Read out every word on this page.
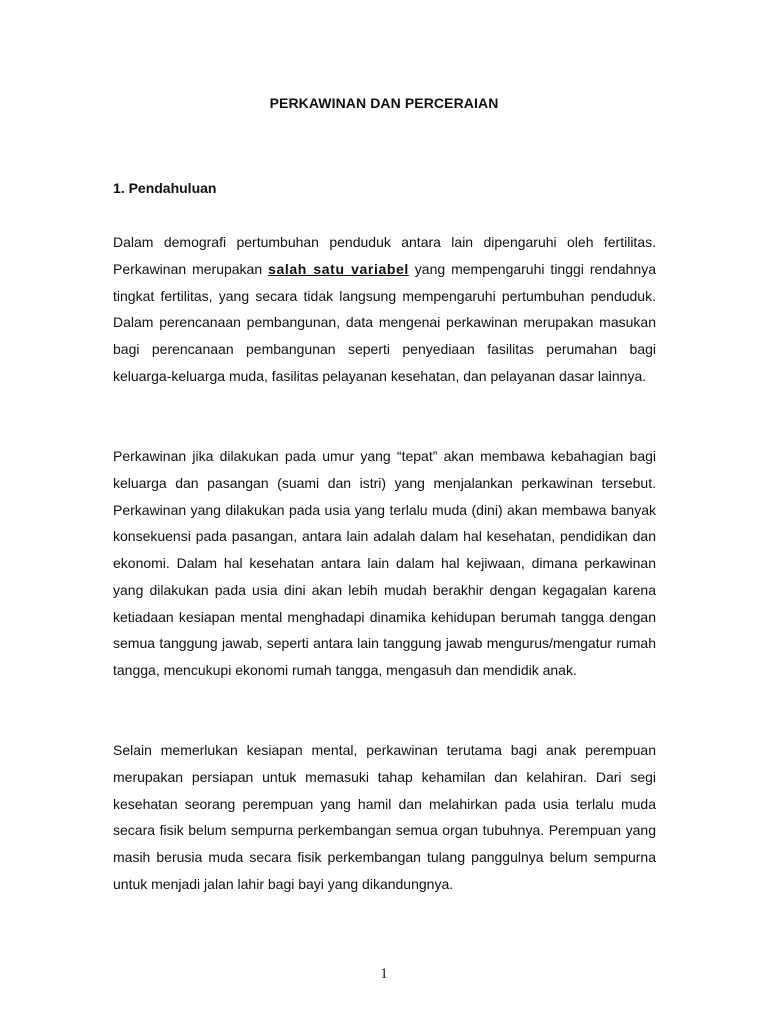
PERKAWINAN DAN PERCERAIAN
1. Pendahuluan

Dalam demografi pertumbuhan penduduk antara lain dipengaruhi oleh fertilitas. Perkawinan merupakan salah satu variabel yang mempengaruhi tinggi rendahnya tingkat fertilitas, yang secara tidak langsung mempengaruhi pertumbuhan penduduk. Dalam perencanaan pembangunan, data mengenai perkawinan merupakan masukan bagi perencanaan pembangunan seperti penyediaan fasilitas perumahan bagi keluarga-keluarga muda, fasilitas pelayanan kesehatan, dan pelayanan dasar lainnya.

Perkawinan jika dilakukan pada umur yang “tepat” akan membawa kebahagian bagi keluarga dan pasangan (suami dan istri) yang menjalankan perkawinan tersebut. Perkawinan yang dilakukan pada usia yang terlalu muda (dini) akan membawa banyak konsekuensi pada pasangan, antara lain adalah dalam hal kesehatan, pendidikan dan ekonomi. Dalam hal kesehatan antara lain dalam hal kejiwaan, dimana perkawinan yang dilakukan pada usia dini akan lebih mudah berakhir dengan kegagalan karena ketiadaan kesiapan mental menghadapi dinamika kehidupan berumah tangga dengan semua tanggung jawab, seperti antara lain tanggung jawab mengurus/mengatur rumah tangga, mencukupi ekonomi rumah tangga, mengasuh dan mendidik anak.

Selain memerlukan kesiapan mental, perkawinan terutama bagi anak perempuan merupakan persiapan untuk memasuki tahap kehamilan dan kelahiran. Dari segi kesehatan seorang perempuan yang hamil dan melahirkan pada usia terlalu muda secara fisik belum sempurna perkembangan semua organ tubuhnya. Perempuan yang masih berusia muda secara fisik perkembangan tulang panggulnya belum sempurna untuk menjadi jalan lahir bagi bayi yang dikandungnya.

1
